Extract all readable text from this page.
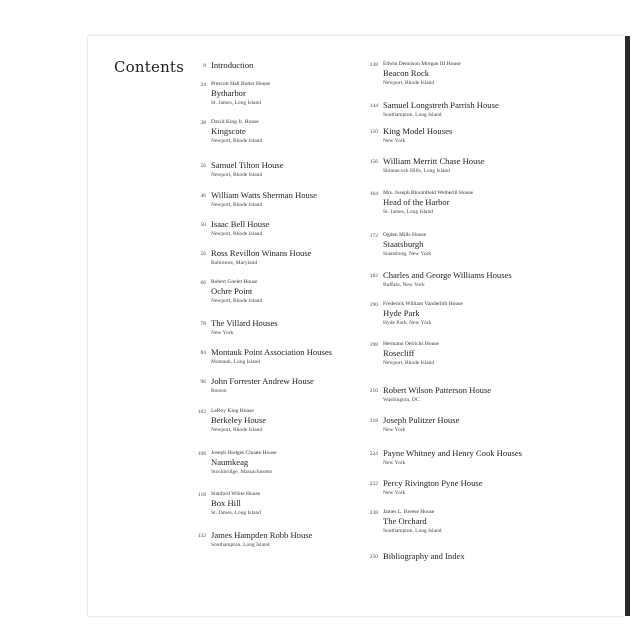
Contents	8 Introduction
24 Prescott Hall Butler House
Bytharbor
St. James, Long Island
38 David King Jr. House
Kingscote
Newport, Rhode Island
56 Samuel Tilton House
Newport, Rhode Island
46 William Watts Sherman House
Newport, Rhode Island
50 Isaac Bell House
Newport, Rhode Island
56 Ross Revillon Winans House
Baltimore, Maryland
66 Robert Goelet House
Ochre Point
Newport, Rhode Island
78 The Villard Houses
New York
84 Montauk Point Association Houses
Montauk, Long Island
96 John Forrester Andrew House
Boston
102 LeRoy King House
Berkeley House
Newport, Rhode Island
108 Joseph Hodges Choate House
Naumkeag
Stockbridge, Massachusetts
118 Stanford White House
Box Hill
St. James, Long Island
132 James Hampden Robb House
Southampton, Long Island
138 Edwin Dennison Morgan III House
Beacon Rock
Newport, Rhode Island
144 Samuel Longstreth Parrish House
Southampton, Long Island
150 King Model Houses
New York
156 William Merritt Chase House
Shinnecock Hills, Long Island
164 Mrs. Joseph Bloomfield Wetherill House
Head of the Harbor
St. James, Long Island
172 Ogden Mills House
Staatsburgh
Staatsburg, New York
182 Charles and George Williams Houses
Buffalo, New York
190 Frederick William Vanderbilt House
Hyde Park
Hyde Park, New York
198 Hermann Oelrichs House
Rosecliff
Newport, Rhode Island
210 Robert Wilson Patterson House
Washington, DC
218 Joseph Pulitzer House
New York
224 Payne Whitney and Henry Cook Houses
New York
232 Percy Rivington Pyne House
New York
238 James L. Breese House
The Orchard
Southampton, Long Island
250 Bibliography and Index
